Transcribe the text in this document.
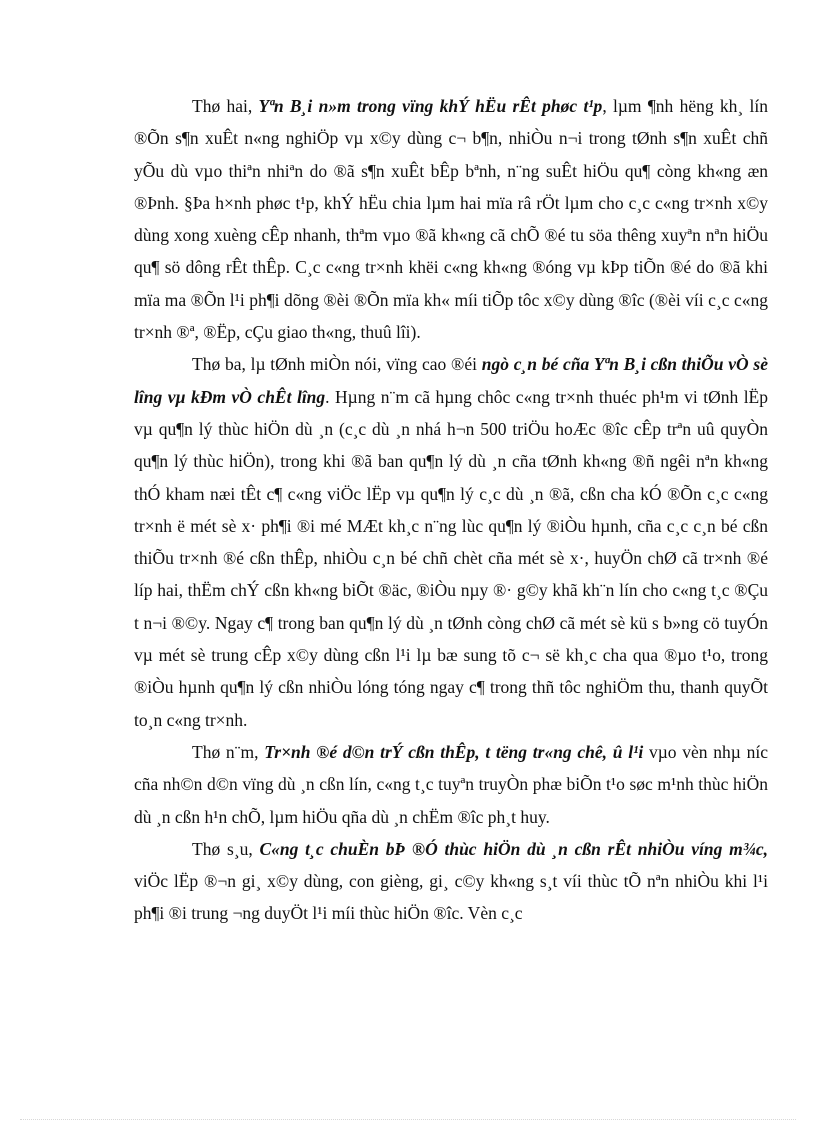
Thø hai, Yªn B¸i n»m trong vïng khÝ hËu rÊt phøc t¹p, lµm ¶nh hëng kh¸ lín ®Õn s¶n xuÊt n«ng nghiÖp vµ x©y dùng c¬ b¶n, nhiÒu n¬i trong tØnh s¶n xuÊt chñ yÕu dù vµo thiªn nhiªn do ®ã s¶n xuÊt bÊp bªnh, n¨ng suÊt hiÖu qu¶ còng kh«ng æn ®Þnh. §Þa h×nh phøc t¹p, khÝ hËu chia lµm hai mïa râ rÖt lµm cho c¸c c«ng tr×nh x©y dùng xong xuèng cÊp nhanh, thªm vµo ®ã kh«ng cã chÕ ®é tu söa thêng xuyªn nªn hiÖu qu¶ sö dông rÊt thÊp. C¸c c«ng tr×nh khëi c«ng kh«ng ®óng vµ kÞp tiÕn ®é do ®ã khi mïa ma ®Õn l¹i ph¶i dõng ®èi ®Õn mïa kh« míi tiÕp tôc x©y dùng ®îc (®èi víi c¸c c«ng tr×nh ®ª, ®Ëp, cÇu giao th«ng, thuû lîi).

Thø ba, lµ tØnh miÒn nói, vïng cao ®éi ngò c¸n bé cña Yªn B¸i cßn thiÕu vÒ sè lîng vµ kÐm vÒ chÊt lîng. Hµng n¨m cã hµng chôc c«ng tr×nh thuéc ph¹m vi tØnh lËp vµ qu¶n lý thùc hiÖn dù ¸n (c¸c dù ¸n nhá h¬n 500 triÖu hoÆc ®îc cÊp trªn uû quyÒn qu¶n lý thùc hiÖn), trong khi ®ã ban qu¶n lý dù ¸n cña tØnh kh«ng ®ñ ngêi nªn kh«ng thÓ kham næi tÊt c¶ c«ng viÖc lËp vµ qu¶n lý c¸c dù ¸n ®ã, cßn cha kÓ ®Õn c¸c c«ng tr×nh ë mét sè x· ph¶i ®i mé MÆt kh¸c n¨ng lùc qu¶n lý ®iÒu hµnh, cña c¸c c¸n bé cßn thiÕu tr×nh ®é cßn thÊp, nhiÒu c¸n bé chñ chèt cña mét sè x·, huyÖn chØ cã tr×nh ®é líp hai, thËm chÝ cßn kh«ng biÕt ®äc, ®iÒu nµy ®· g©y khã kh¨n lín cho c«ng t¸c ®Çu t n¬i ®©y. Ngay c¶ trong ban qu¶n lý dù ¸n tØnh còng chØ cã mét sè kü s b»ng cö tuyÓn vµ mét sè trung cÊp x©y dùng cßn l¹i lµ bæ sung tõ c¬ së kh¸c cha qua ®µo t¹o, trong ®iÒu hµnh qu¶n lý cßn nhiÒu lóng tóng ngay c¶ trong thñ tôc nghiÖm thu, thanh quyÕt to¸n c«ng tr×nh.

Thø n¨m, Tr×nh ®é d©n trÝ cßn thÊp, t tëng tr«ng chê, û l¹i vµo vèn nhµ níc cña nh©n d©n vïng dù ¸n cßn lín, c«ng t¸c tuyªn truyÒn phæ biÕn t¹o søc m¹nh thùc hiÖn dù ¸n cßn h¹n chÕ, lµm hiÖu qña dù ¸n chËm ®îc ph¸t huy.

Thø s¸u, C«ng t¸c chuÈn bÞ ®Ó thùc hiÖn dù ¸n cßn rÊt nhiÒu víng m¾c, viÖc lËp ®¬n gi¸ x©y dùng, con gièng, gi¸ c©y kh«ng s¸t víi thùc tÕ nªn nhiÒu khi l¹i ph¶i ®i trung ¬ng duyÖt l¹i míi thùc hiÖn ®îc. Vèn c¸c
